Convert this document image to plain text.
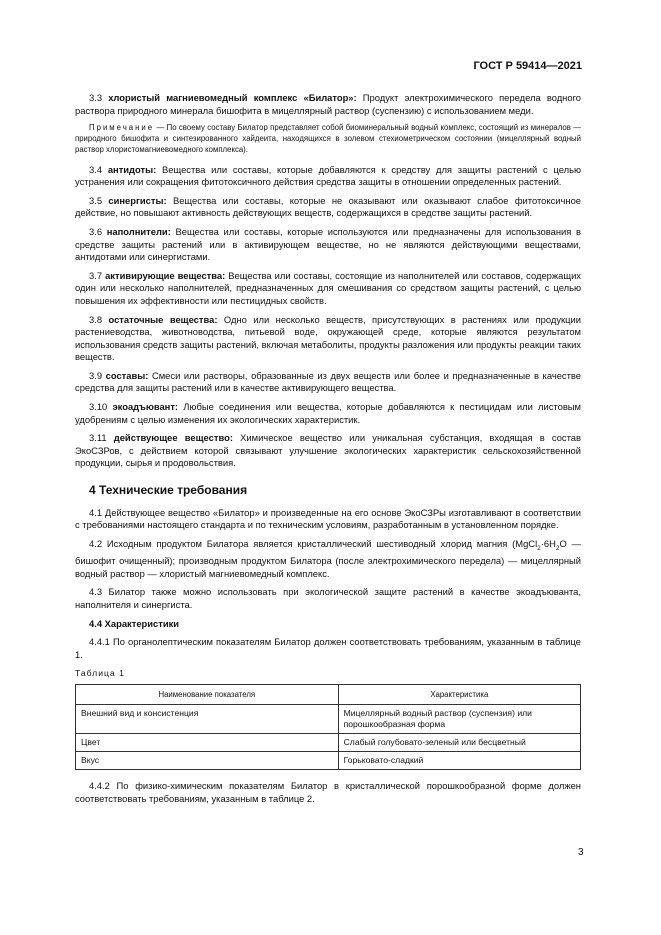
ГОСТ Р 59414—2021

3.3 хлористый магниевомедный комплекс «Билатор»: Продукт электрохимического передела водного раствора природного минерала бишофита в мицеллярный раствор (суспензию) с использованием меди.

Примечание — По своему составу Билатор представляет собой биоминеральный водный комплекс, состоящий из минералов — природного бишофита и синтезированного хайдеита, находящихся в золевом стехиометрическом состоянии (мицеллярный водный раствор хлористомагниевомедного комплекса).

3.4 антидоты: Вещества или составы, которые добавляются к средству для защиты растений с целью устранения или сокращения фитотоксичного действия средства защиты в отношении определенных растений.

3.5 синергисты: Вещества или составы, которые не оказывают или оказывают слабое фитотоксичное действие, но повышают активность действующих веществ, содержащихся в средстве защиты растений.

3.6 наполнители: Вещества или составы, которые используются или предназначены для использования в средстве защиты растений или в активирующем веществе, но не являются действующими веществами, антидотами или синергистами.

3.7 активирующие вещества: Вещества или составы, состоящие из наполнителей или составов, содержащих один или несколько наполнителей, предназначенных для смешивания со средством защиты растений, с целью повышения их эффективности или пестицидных свойств.

3.8 остаточные вещества: Одно или несколько веществ, присутствующих в растениях или продукции растениеводства, животноводства, питьевой воде, окружающей среде, которые являются результатом использования средств защиты растений, включая метаболиты, продукты разложения или продукты реакции таких веществ.

3.9 составы: Смеси или растворы, образованные из двух веществ или более и предназначенные в качестве средства для защиты растений или в качестве активирующего вещества.

3.10 экоадъювант: Любые соединения или вещества, которые добавляются к пестицидам или листовым удобрениям с целью изменения их экологических характеристик.

3.11 действующее вещество: Химическое вещество или уникальная субстанция, входящая в состав ЭкоСЗРов, с действием которой связывают улучшение экологических характеристик сельскохозяйственной продукции, сырья и продовольствия.

4 Технические требования

4.1 Действующее вещество «Билатор» и произведенные на его основе ЭкоСЗРы изготавливают в соответствии с требованиями настоящего стандарта и по техническим условиям, разработанным в установленном порядке.

4.2 Исходным продуктом Билатора является кристаллический шестиводный хлорид магния ($MgCl_2\cdot 6H_2O$ — бишофит очищенный); производным продуктом Билатора (после электрохимического передела) — мицеллярный водный раствор — хлористый магниевомедный комплекс.

4.3 Билатор также можно использовать при экологической защите растений в качестве экоадъюванта, наполнителя и синергиста.

4.4 Характеристики

4.4.1 По органолептическим показателям Билатор должен соответствовать требованиям, указанным в таблице 1.

Таблица 1
Наименование показателя	Характеристика
Внешний вид и консистенция	Мицеллярный водный раствор (суспензия) или порошкообразная форма
Цвет	Слабый голубовато-зеленый или бесцветный
Вкус	Горьковато-сладкий

4.4.2 По физико-химическим показателям Билатор в кристаллической порошкообразной форме должен соответствовать требованиям, указанным в таблице 2.

3
